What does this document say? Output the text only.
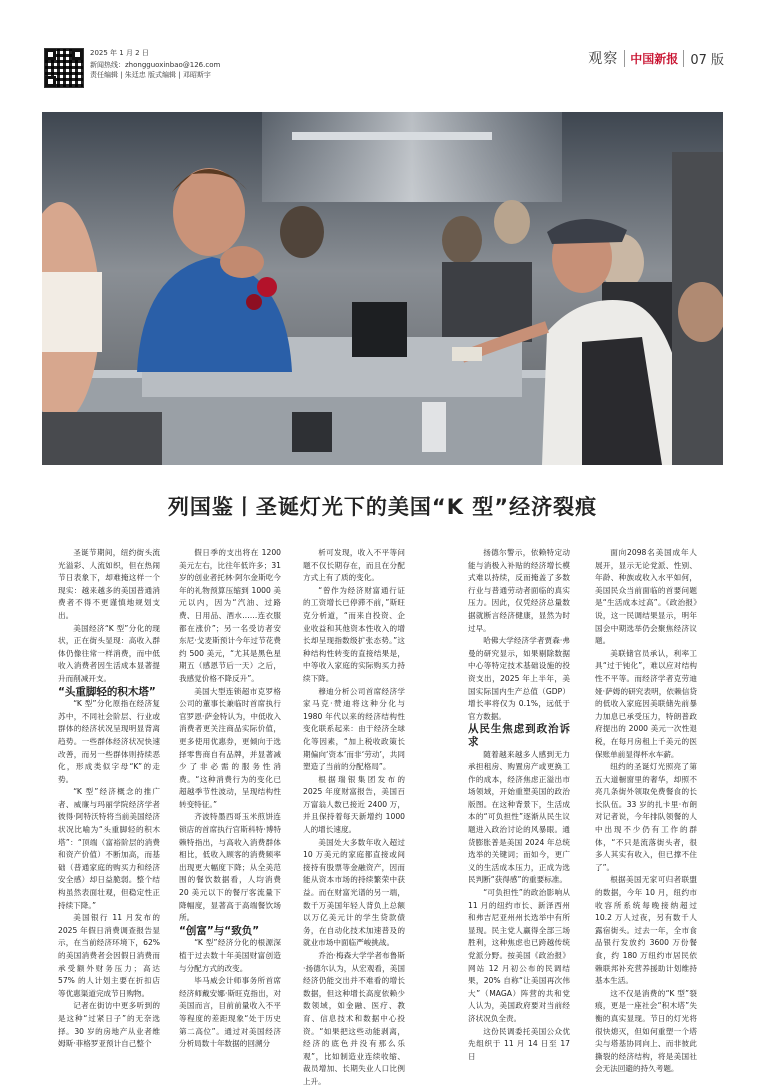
2025 年 1 月 2 日
新闻热线：zhongguoxinbao@126.com
责任编辑 | 朱廷忠 版式编辑 | 邓昭斯宇
观察	中国新报 07 版
列国鉴丨圣诞灯光下的美国“K 型”经济裂痕

圣诞节期间，纽约街头流光溢彩、人流如织，但在热闹节日表象下，却难掩这样一个现实：越来越多的美国普通消费者不得不更谨慎地规划支出。

美国经济“K 型”分化的现状，正在街头显现：高收入群体仍像往常一样消费，而中低收入消费者因生活成本显著提升而削减开支。

“头重脚轻的积木塔”

“K 型”分化原指在经济复苏中，不同社会阶层、行业或群体的经济状况呈现明显背离趋势。一些群体经济状况快速改善，而另一些群体则持续恶化，形成类似字母“K”的走势。

“K 型”经济概念的推广者、威廉与玛丽学院经济学者彼得·阿特沃特将当前美国经济状况比喻为“头重脚轻的积木塔”：“顶端（富裕阶层的消费和资产价值）不断加高，而基础（普通家庭的购买力和经济安全感）却日益脆弱。整个结构虽然表面壮观，但稳定性正持续下降。”

美国银行 11 月发布的 2025 年假日消费调查报告显示，在当前经济环境下，62% 的美国消费者会因假日消费而承受额外财务压力；高达 57% 的人计划主要在折扣店等优惠渠道完成节日购物。

记者在街访中更多听到的是这种“过紧日子”的无奈选择。30 岁的房地产从业者维姆斯·菲格罗亚预计自己整个

假日季的支出将在 1200 美元左右，比往年低许多；31 岁的创业者托林·阿尔金斯吃今年的礼物预算压缩到 1000 美元以内，因为“汽油、过路费、日用品、酒水……连衣服都在涨价”；另一名受访者安东尼·戈麦斯预计今年过节花费约 500 美元，“尤其是黑色星期五（感恩节后一天）之后，我感觉价格不降反升”。

美国大型连锁超市克罗格公司的董事长兼临时首席执行官罗恩·萨金特认为，中低收入消费者更关注商品实际价值，更多使用优惠券，更倾向于选择零售商自有品牌，并显著减少了非必需的服务性消费。“这种消费行为的变化已超越季节性波动，呈现结构性转变特征。”

齐波特墨西哥玉米煎饼连锁店的首席执行官斯科特·博特赖特指出，与高收入消费群体相比，低收入顾客的消费频率出现更大幅度下降；从全美范围的餐饮数据看，人均消费 20 美元以下的餐厅客流量下降幅度，显著高于高端餐饮场所。

“创富”与“致负”

“K 型”经济分化的根源深植于过去数十年美国财富创造与分配方式的改变。

毕马威会计师事务所首席经济师戴安娜·斯旺克指出，对美国而言，目前前量收入不平等程度的差距现象“处于历史第二高位”。通过对美国经济分析局数十年数据的回溯分

析可发现，收入不平等问题不仅长期存在，而且在分配方式上有了质的变化。

“曾作为经济财富通行证的工资增长已停滞不前，”斯旺克分析道，“而来自投资、企业收益和其他资本性收入的增长却呈现指数级扩张态势。”这种结构性转变的直接结果是，中等收入家庭的实际购买力持续下降。

穆迪分析公司首席经济学家马克·赞迪将这种分化与 1980 年代以来的经济结构性变化联系起来：由于经济全球化等因素，“加上税收政策长期偏向‘资本’而非‘劳动’，共同塑造了当前的分配格局”。

根据瑞银集团发布的 2025 年度财富报告，美国百万富翁人数已接近 2400 万，并且保持着每天新增约 1000 人的增长速度。

美国处大多数年收入超过 10 万美元的家庭都直接或间接持有股票等金融资产，因而能从资本市场的持续繁荣中获益。而在财富光谱的另一端，数千万美国年轻人背负上总额以万亿美元计的学生贷款债务，在自动化技术加速普及的就业市场中面临严峻挑战。

乔治·梅森大学学者布鲁斯·扬德尔认为，从宏观看，美国经济仍能交出并不难看的增长数据，但这种增长高度依赖少数领域，如金融、医疗、教育、信息技术和数据中心投资。“如果把这些动能剥离，经济的底色并没有那么乐观”，比如制造业连续收缩、裁员增加、长期失业人口比例上升。

扬德尔警示，依赖特定动能与消极入补贴的经济增长模式难以持续，反而掩盖了多数行业与普通劳动者面临的真实压力。因此，仅凭经济总量数据就断言经济健康，显然为时过早。

哈佛大学经济学者贾森·弗曼的研究显示，如果剔除数据中心等特定技术基础设施的投资支出，2025 年上半年，美国实际国内生产总值（GDP）增长率将仅为 0.1%，远低于官方数据。

从民生焦虑到政治诉求

随着越来越多人感到无力承担租房、购置房产或更换工作的成本，经济焦虑正溢出市场领域，开始重塑美国的政治版图。在这种背景下，生活成本的“可负担性”逐渐从民生议题进入政治讨论的风暴眼。通货膨胀普是美国 2024 年总统选举的关键词；而如今，更广义的生活成本压力，正成为选民判断“获得感”的重要标准。

“可负担性”的政治影响从 11 月的纽约市长、新泽西州和弗吉尼亚州州长选举中有所显现。民主党人赢得全部三场胜利，这种焦虑也已跨越传统党派分野。按美国《政治报》网站 12 月初公布的民调结果，20% 自称“让美国再次伟大”（MAGA）阵营的共和党人认为，美国政府要对当前经济状况负全责。

这份民调委托美国公众优先组织于 11 月 14 日至 17 日

面向2098名美国成年人展开，显示无论党派、性别、年龄、种族或收入水平如何，美国民众当前面临的首要问题是“生活成本过高”。《政治报》说，这一民调结果显示，明年国会中期选举仍会聚焦经济议题。

美联储官员承认，利率工具“过于钝化”，难以应对结构性不平等。而经济学者克劳迪娅·萨姆的研究表明，依赖信贷的低收入家庭因美联储先前暴力加息已承受压力，特朗普政府提出的 2000 美元一次性退税，在每月房租上千美元的医保账单前显得杯水车薪。

纽约的圣诞灯光照亮了第五大道橱窗里的奢华，却照不亮几条街外领取免费餐食的长长队伍。33 岁的扎卡里·布朗对记者说，今年排队领餐的人中出现不少仍有工作的群体，“不只是流落街头者，很多人其实有收入，但已撑不住了”。

根据美国无家可归者联盟的数据，今年 10 月，纽约市收容所系统每晚接纳超过 10.2 万人过夜，另有数千人露宿街头。过去一年，全市食品银行发放约 3600 万份餐食，约 180 万纽约市居民依赖联邦补充营养援助计划维持基本生活。

这不仅是消费的“K 型”裂痕，更是一座社会“积木塔”失衡的真实显现。节日的灯光将很快熄灭，但如何重塑一个塔尖与塔基协同向上、而非彼此撕裂的经济结构，将是美国社会无法回避的持久考题。
